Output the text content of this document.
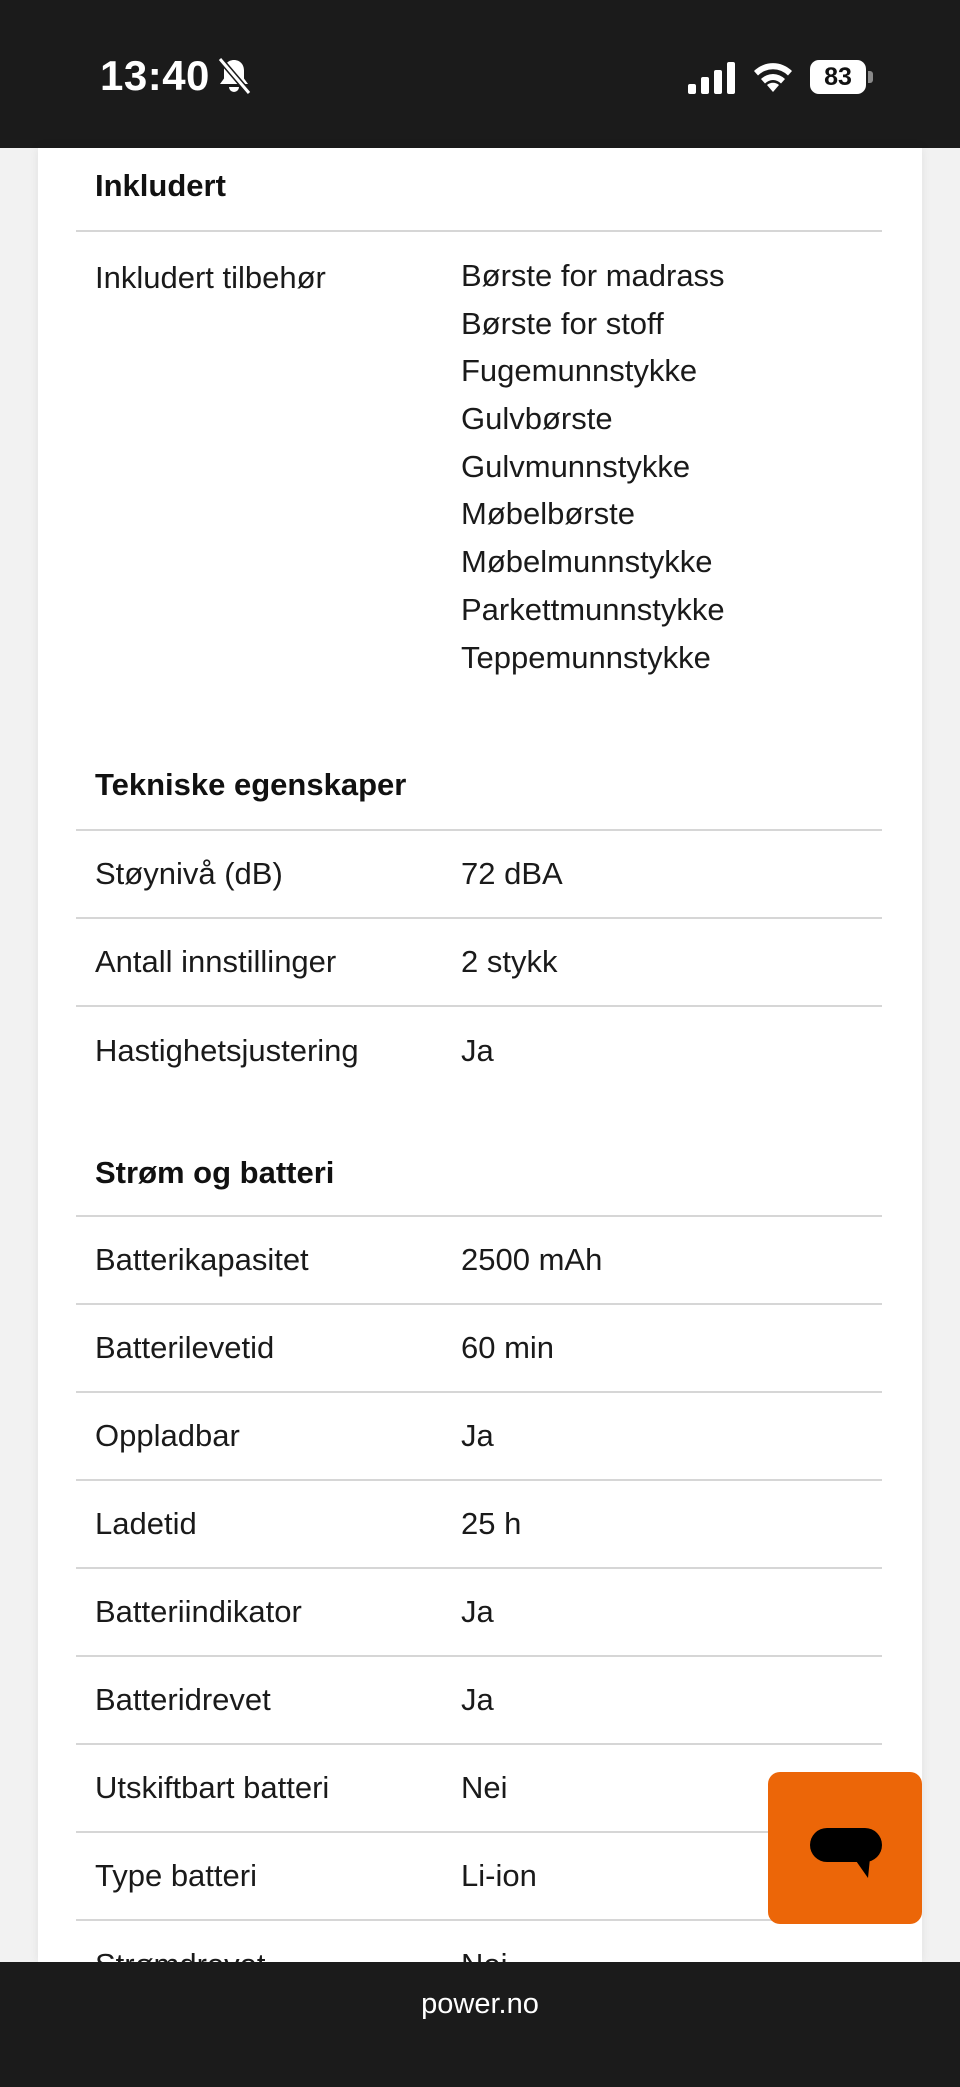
13:40	83
Inkludert
Inkludert tilbehør	Børste for madrass
Børste for stoff
Fugemunnstykke
Gulvbørste
Gulvmunnstykke
Møbelbørste
Møbelmunnstykke
Parkettmunnstykke
Teppemunnstykke
Tekniske egenskaper
Støynivå (dB)	72 dBA
Antall innstillinger	2 stykk
Hastighetsjustering	Ja
Strøm og batteri
Batterikapasitet	2500 mAh
Batterilevetid	60 min
Oppladbar	Ja
Ladetid	25 h
Batteriindikator	Ja
Batteridrevet	Ja
Utskiftbart batteri	Nei
Type batteri	Li-ion
power.no
